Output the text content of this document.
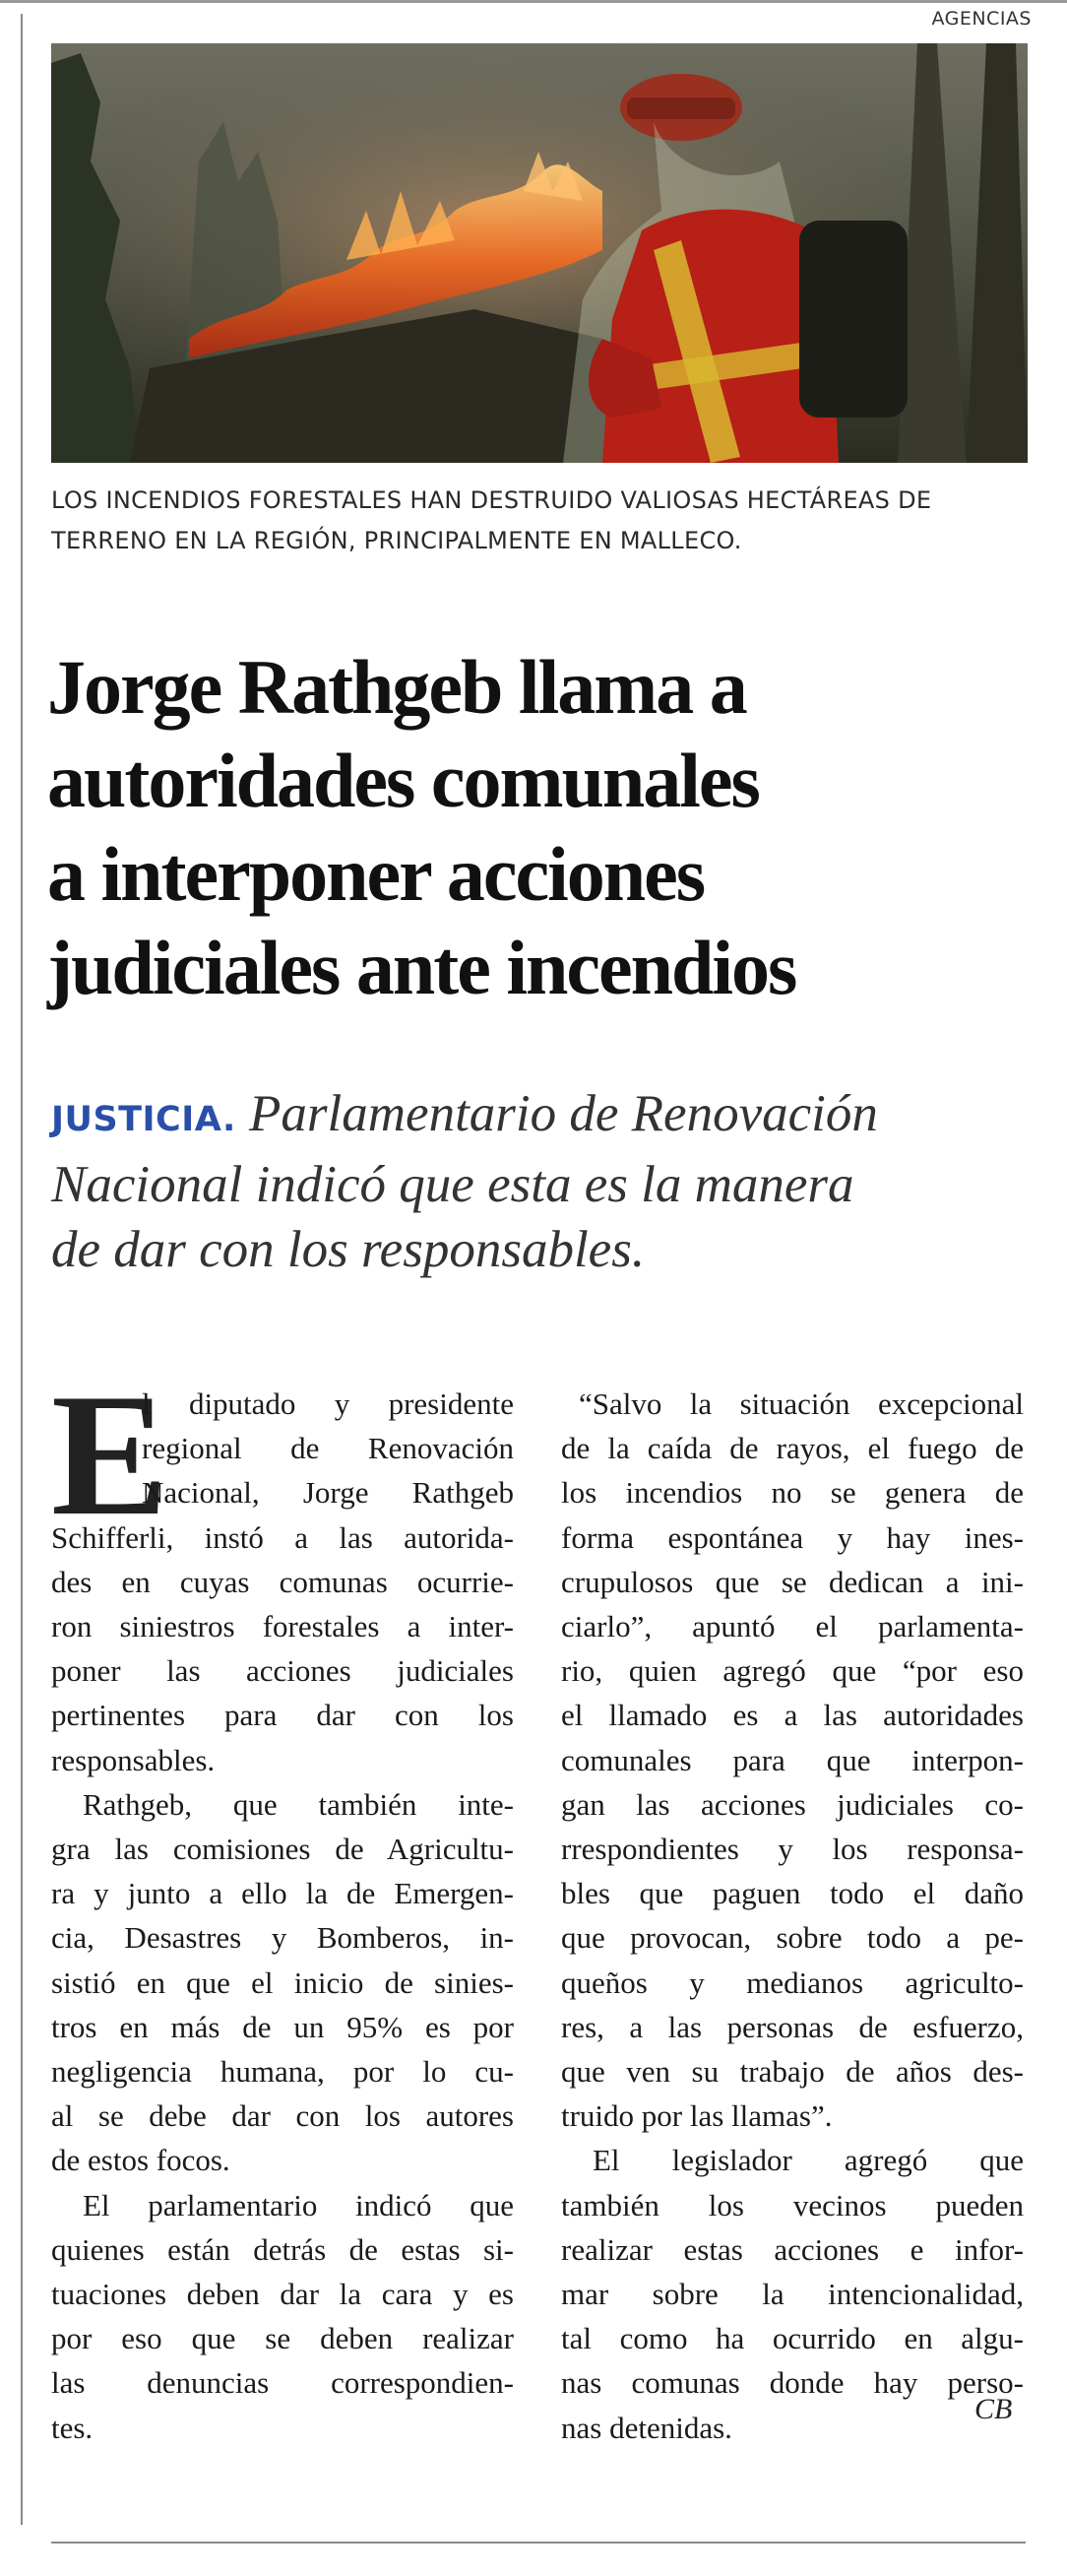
AGENCIAS
LOS INCENDIOS FORESTALES HAN DESTRUIDO VALIOSAS HECTÁREAS DE
TERRENO EN LA REGIÓN, PRINCIPALMENTE EN MALLECO.
Jorge Rathgeb llama a
autoridades comunales
a interponer acciones
judiciales ante incendios
JUSTICIA. Parlamentario de Renovación
Nacional indicó que esta es la manera
de dar con los responsables.
E
l diputado y presidente
regional de Renovación
Nacional, Jorge Rathgeb
Schifferli, instó a las autorida-
des en cuyas comunas ocurrie-
ron siniestros forestales a inter-
poner las acciones judiciales
pertinentes para dar con los
responsables.
Rathgeb, que también inte-
gra las comisiones de Agricultu-
ra y junto a ello la de Emergen-
cia, Desastres y Bomberos, in-
sistió en que el inicio de sinies-
tros en más de un 95% es por
negligencia humana, por lo cu-
al se debe dar con los autores
de estos focos.
El parlamentario indicó que
quienes están detrás de estas si-
tuaciones deben dar la cara y es
por eso que se deben realizar
las denuncias correspondien-
tes.
“Salvo la situación excepcional
de la caída de rayos, el fuego de
los incendios no se genera de
forma espontánea y hay ines-
crupulosos que se dedican a ini-
ciarlo”, apuntó el parlamenta-
rio, quien agregó que “por eso
el llamado es a las autoridades
comunales para que interpon-
gan las acciones judiciales co-
rrespondientes y los responsa-
bles que paguen todo el daño
que provocan, sobre todo a pe-
queños y medianos agriculto-
res, a las personas de esfuerzo,
que ven su trabajo de años des-
truido por las llamas”.
El legislador agregó que
también los vecinos pueden
realizar estas acciones e infor-
mar sobre la intencionalidad,
tal como ha ocurrido en algu-
nas comunas donde hay perso-
nas detenidas.
CB
